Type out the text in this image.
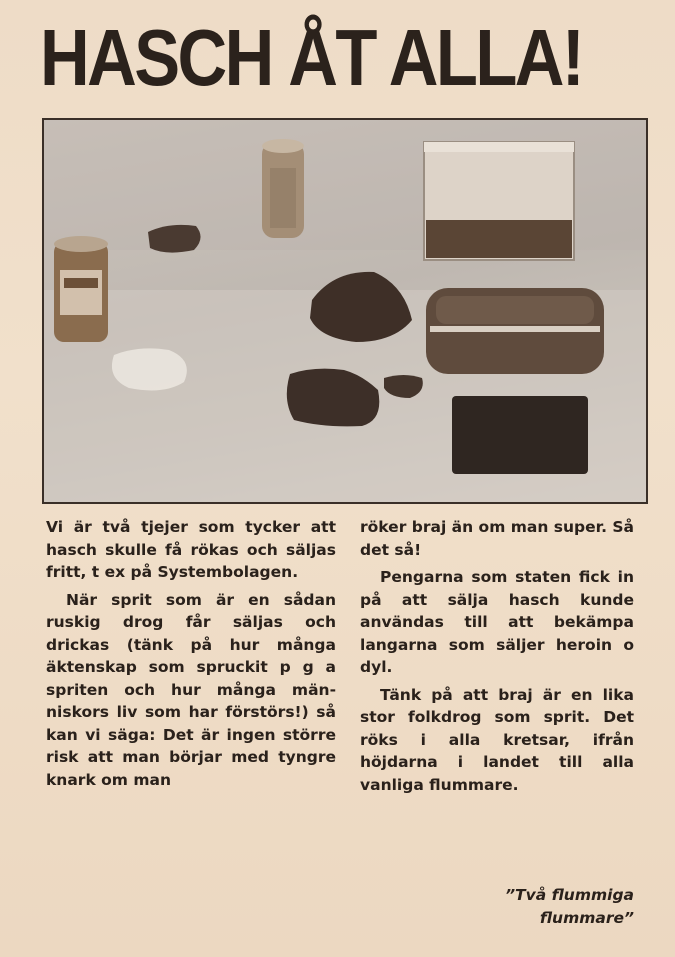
HASCH ÅT ALLA!

Vi är två tjejer som tycker att hasch skulle få rökas och säljas fritt, t ex på Systembolagen.

När sprit som är en sådan ruskig drog får säljas och drickas (tänk på hur många äktenskap som spruckit p g a spriten och hur många människors liv som har förstörs!) så kan vi säga: Det är ingen större risk att man börjar med tyngre knark om man

röker braj än om man super. Så det så!

Pengarna som staten fick in på att sälja hasch kunde användas till att bekämpa langarna som säljer heroin o dyl.

Tänk på att braj är en lika stor folkdrog som sprit. Det röks i alla kretsar, ifrån höjdarna i landet till alla vanliga flummare.

”Två flummiga
flummare”
